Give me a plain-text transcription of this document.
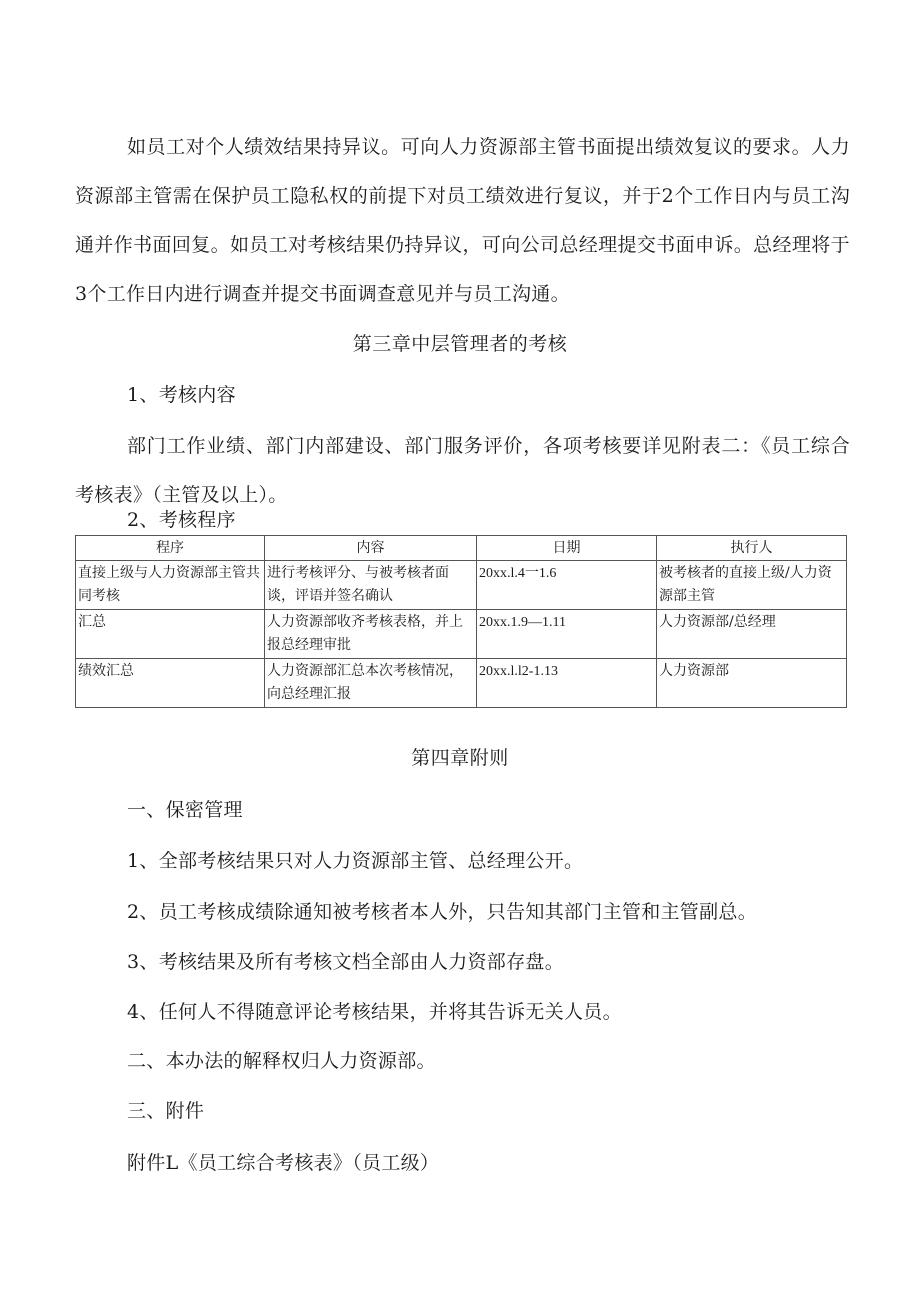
如员工对个人绩效结果持异议。可向人力资源部主管书面提出绩效复议的要求。人力资源部主管需在保护员工隐私权的前提下对员工绩效进行复议，并于2个工作日内与员工沟通并作书面回复。如员工对考核结果仍持异议，可向公司总经理提交书面申诉。总经理将于3个工作日内进行调查并提交书面调查意见并与员工沟通。
第三章中层管理者的考核
1、考核内容
部门工作业绩、部门内部建设、部门服务评价，各项考核要详见附表二：《员工综合考核表》（主管及以上）。
2、考核程序
程序	内容	日期	执行人
直接上级与人力资源部主管共同考核	进行考核评分、与被考核者面谈，评语并签名确认	20xx.l.4一1.6	被考核者的直接上级/人力资源部主管
汇总	人力资源部收齐考核表格，并上报总经理审批	20xx.1.9—1.11	人力资源部/总经理
绩效汇总	人力资源部汇总本次考核情况，向总经理汇报	20xx.l.l2-1.13	人力资源部
第四章附则
一、保密管理
1、全部考核结果只对人力资源部主管、总经理公开。
2、员工考核成绩除通知被考核者本人外，只告知其部门主管和主管副总。
3、考核结果及所有考核文档全部由人力资部存盘。
4、任何人不得随意评论考核结果，并将其告诉无关人员。
二、本办法的解释权归人力资源部。
三、附件
附件L《员工综合考核表》（员工级）
